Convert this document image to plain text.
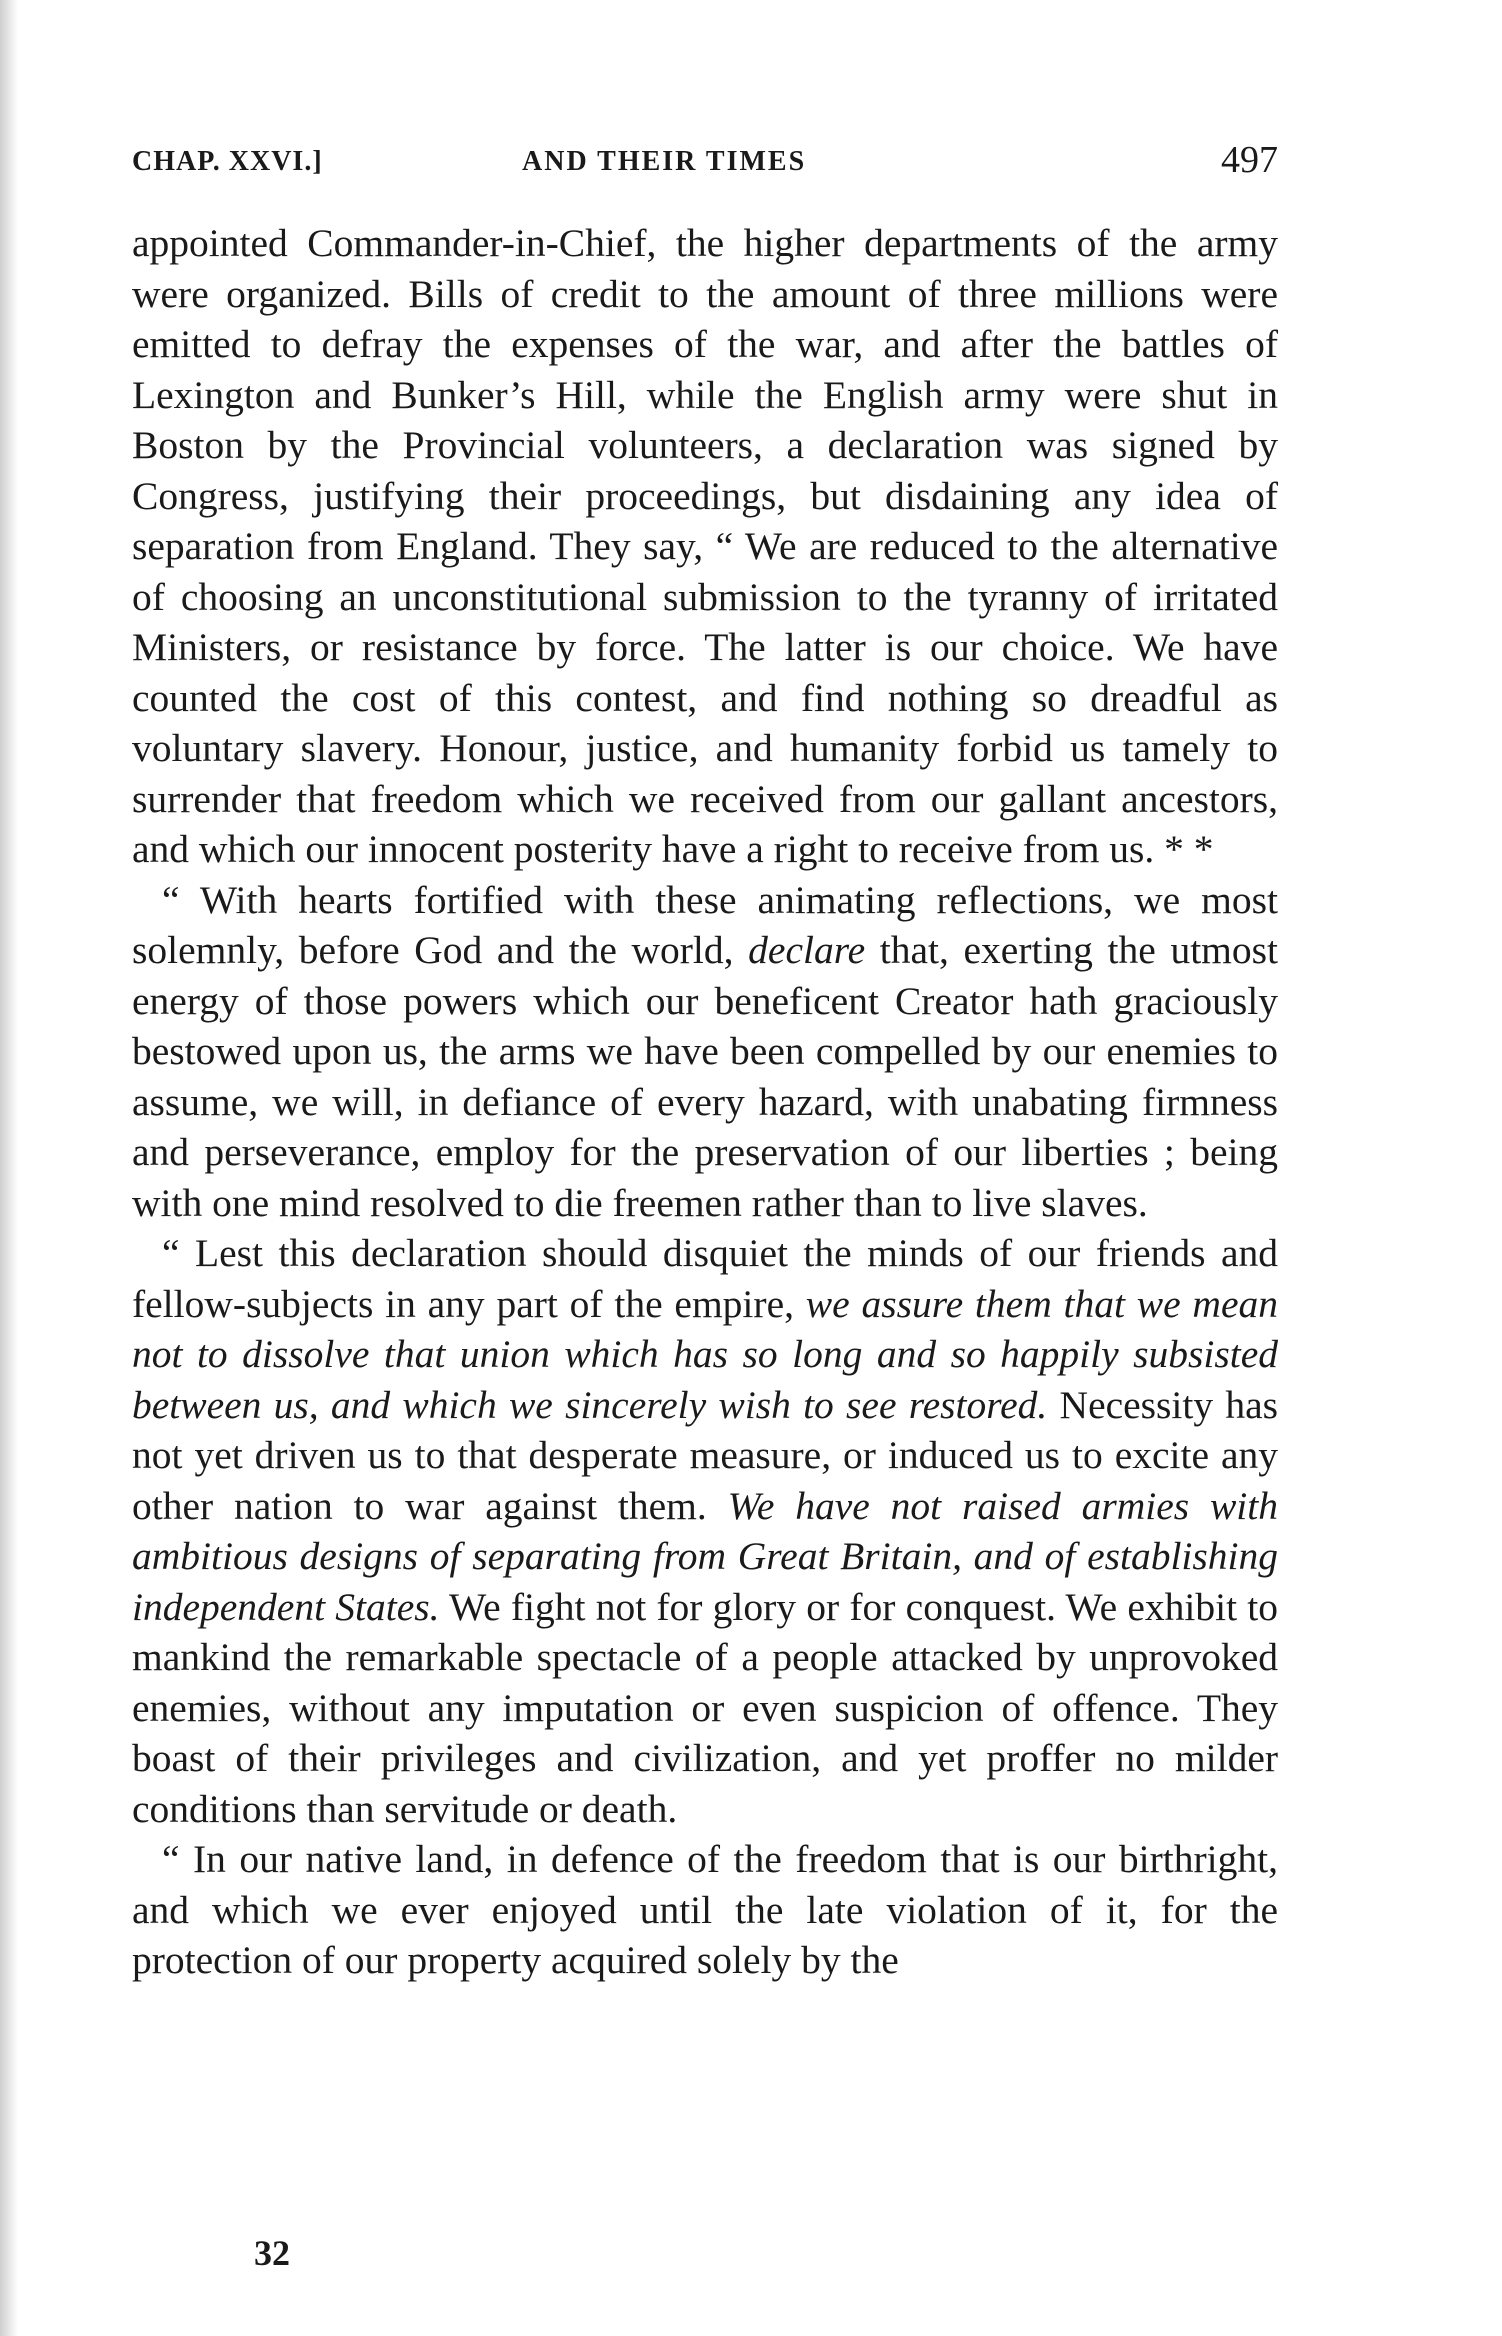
CHAP. XXVI.]	AND THEIR TIMES	497

appointed Commander-in-Chief, the higher departments of the army were organized. Bills of credit to the amount of three millions were emitted to defray the expenses of the war, and after the battles of Lexington and Bunker’s Hill, while the English army were shut in Boston by the Provincial volunteers, a declaration was signed by Congress, justifying their proceedings, but disdaining any idea of separation from England. They say, “ We are reduced to the alternative of choosing an unconstitutional submission to the tyranny of irritated Ministers, or resistance by force. The latter is our choice. We have counted the cost of this contest, and find nothing so dreadful as voluntary slavery. Honour, justice, and humanity forbid us tamely to surrender that freedom which we received from our gallant ancestors, and which our innocent posterity have a right to receive from us. * *

“ With hearts fortified with these animating reflections, we most solemnly, before God and the world, declare that, exerting the utmost energy of those powers which our beneficent Creator hath graciously bestowed upon us, the arms we have been compelled by our enemies to assume, we will, in defiance of every hazard, with unabating firmness and perseverance, employ for the preservation of our liberties ; being with one mind resolved to die freemen rather than to live slaves.

“ Lest this declaration should disquiet the minds of our friends and fellow-subjects in any part of the empire, we assure them that we mean not to dissolve that union which has so long and so happily subsisted between us, and which we sincerely wish to see restored. Necessity has not yet driven us to that desperate measure, or induced us to excite any other nation to war against them. We have not raised armies with ambitious designs of separating from Great Britain, and of establishing independent States. We fight not for glory or for conquest. We exhibit to mankind the remarkable spectacle of a people attacked by unprovoked enemies, without any imputation or even suspicion of offence. They boast of their privileges and civilization, and yet proffer no milder conditions than servitude or death.

“ In our native land, in defence of the freedom that is our birthright, and which we ever enjoyed until the late violation of it, for the protection of our property acquired solely by the

32
